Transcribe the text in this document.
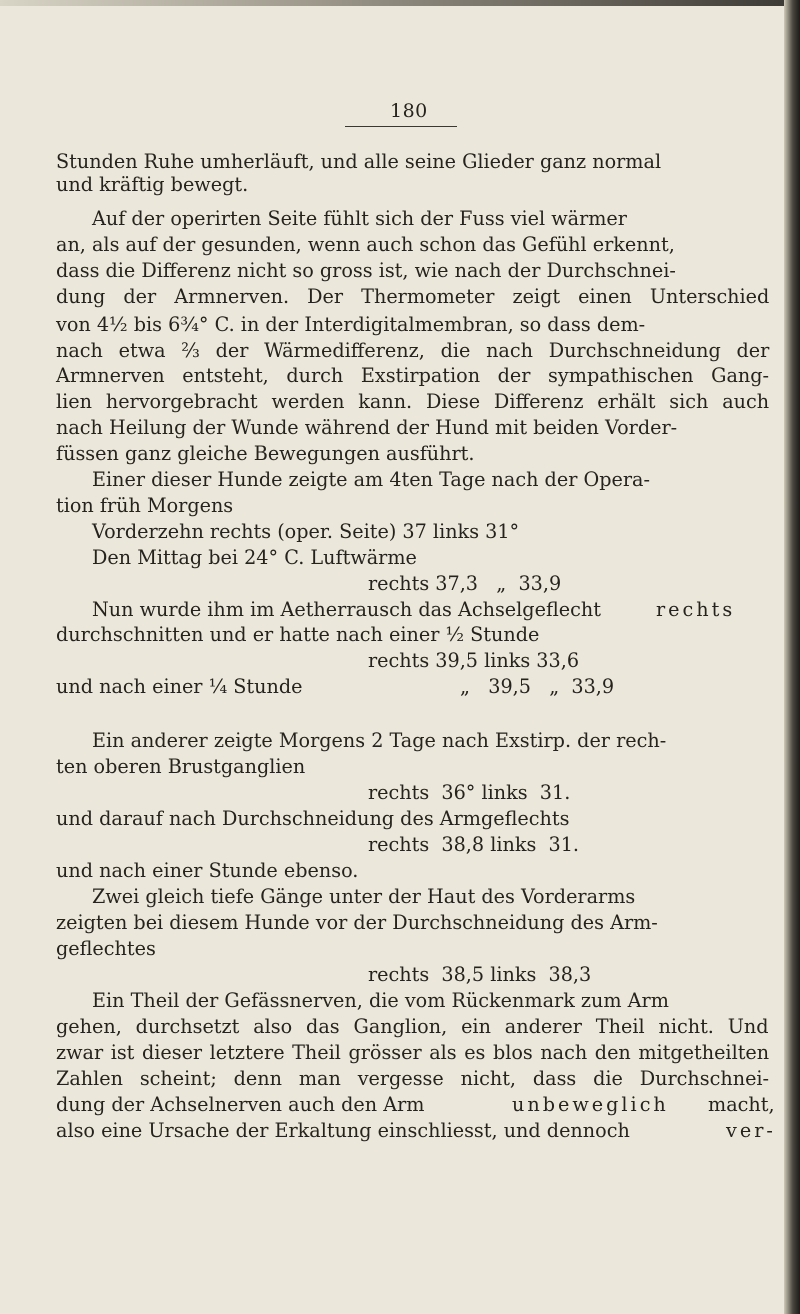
180
Stunden Ruhe umherläuft, und alle seine Glieder ganz normal
und kräftig bewegt.
Auf der operirten Seite fühlt sich der Fuss viel wärmer
an, als auf der gesunden, wenn auch schon das Gefühl erkennt,
dass die Differenz nicht so gross ist, wie nach der Durchschnei-
dung der Armnerven. Der Thermometer zeigt einen Unterschied
von 4½ bis 6¾° C. in der Interdigitalmembran, so dass dem-
nach etwa ⅔ der Wärmedifferenz, die nach Durchschneidung der
Armnerven entsteht, durch Exstirpation der sympathischen Gang-
lien hervorgebracht werden kann. Diese Differenz erhält sich auch
nach Heilung der Wunde während der Hund mit beiden Vorder-
füssen ganz gleiche Bewegungen ausführt.
Einer dieser Hunde zeigte am 4ten Tage nach der Opera-
tion früh Morgens
Vorderzehn rechts (oper. Seite) 37 links 31°
Den Mittag bei 24° C. Luftwärme
rechts 37,3   „  33,9
Nun wurde ihm im Aetherrausch das Achselgeflecht	rechts
durchschnitten und er hatte nach einer ½ Stunde
rechts 39,5 links 33,6
und nach einer ¼ Stunde	„   39,5   „  33,9
Ein anderer zeigte Morgens 2 Tage nach Exstirp. der rech-
ten oberen Brustganglien
rechts  36° links  31.
und darauf nach Durchschneidung des Armgeflechts
rechts  38,8 links  31.
und nach einer Stunde ebenso.
Zwei gleich tiefe Gänge unter der Haut des Vorderarms
zeigten bei diesem Hunde vor der Durchschneidung des Arm-
geflechtes
rechts  38,5 links  38,3
Ein Theil der Gefässnerven, die vom Rückenmark zum Arm
gehen, durchsetzt also das Ganglion, ein anderer Theil nicht. Und
zwar ist dieser letztere Theil grösser als es blos nach den mitgetheilten
Zahlen scheint; denn man vergesse nicht, dass die Durchschnei-
dung der Achselnerven auch den Arm	unbeweglich macht,
also eine Ursache der Erkaltung einschliesst, und dennoch	ver-
